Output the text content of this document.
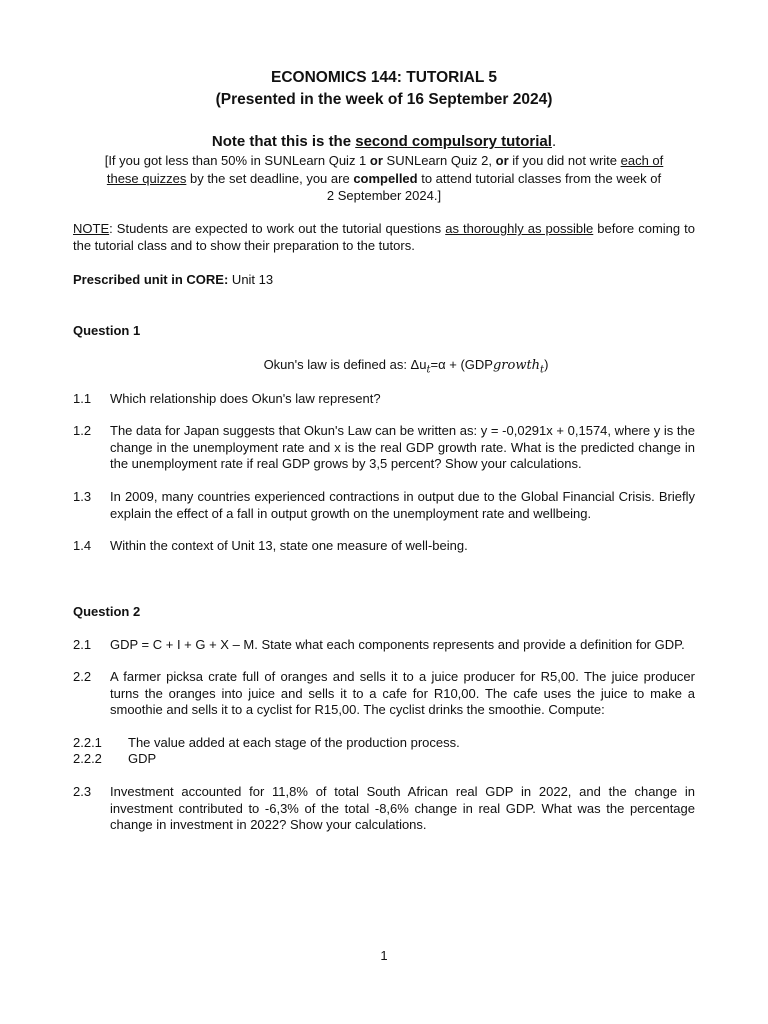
ECONOMICS 144: TUTORIAL 5
(Presented in the week of 16 September 2024)
Note that this is the second compulsory tutorial.
[If you got less than 50% in SUNLearn Quiz 1 or SUNLearn Quiz 2, or if you did not write each of
these quizzes by the set deadline, you are compelled to attend tutorial classes from the week of
2 September 2024.]
NOTE: Students are expected to work out the tutorial questions as thoroughly as possible before coming to the tutorial class and to show their preparation to the tutors.
Prescribed unit in CORE: Unit 13
Question 1
Okun's law is defined as: $\Delta u_t=\alpha$ + (GDPgrowth$_t$)
1.1 Which relationship does Okun's law represent?
1.2 The data for Japan suggests that Okun's Law can be written as: y = -0,0291x + 0,1574, where y is the change in the unemployment rate and x is the real GDP growth rate. What is the predicted change in the unemployment rate if real GDP grows by 3,5 percent? Show your calculations.
1.3 In 2009, many countries experienced contractions in output due to the Global Financial Crisis. Briefly explain the effect of a fall in output growth on the unemployment rate and wellbeing.
1.4 Within the context of Unit 13, state one measure of well-being.
Question 2
2.1 GDP = C + I + G + X – M. State what each components represents and provide a definition for GDP.
2.2 A farmer picksa crate full of oranges and sells it to a juice producer for R5,00. The juice producer turns the oranges into juice and sells it to a cafe for R10,00. The cafe uses the juice to make a smoothie and sells it to a cyclist for R15,00. The cyclist drinks the smoothie. Compute:
2.2.1 The value added at each stage of the production process.
2.2.2 GDP
2.3 Investment accounted for 11,8% of total South African real GDP in 2022, and the change in investment contributed to -6,3% of the total -8,6% change in real GDP. What was the percentage change in investment in 2022? Show your calculations.
1
